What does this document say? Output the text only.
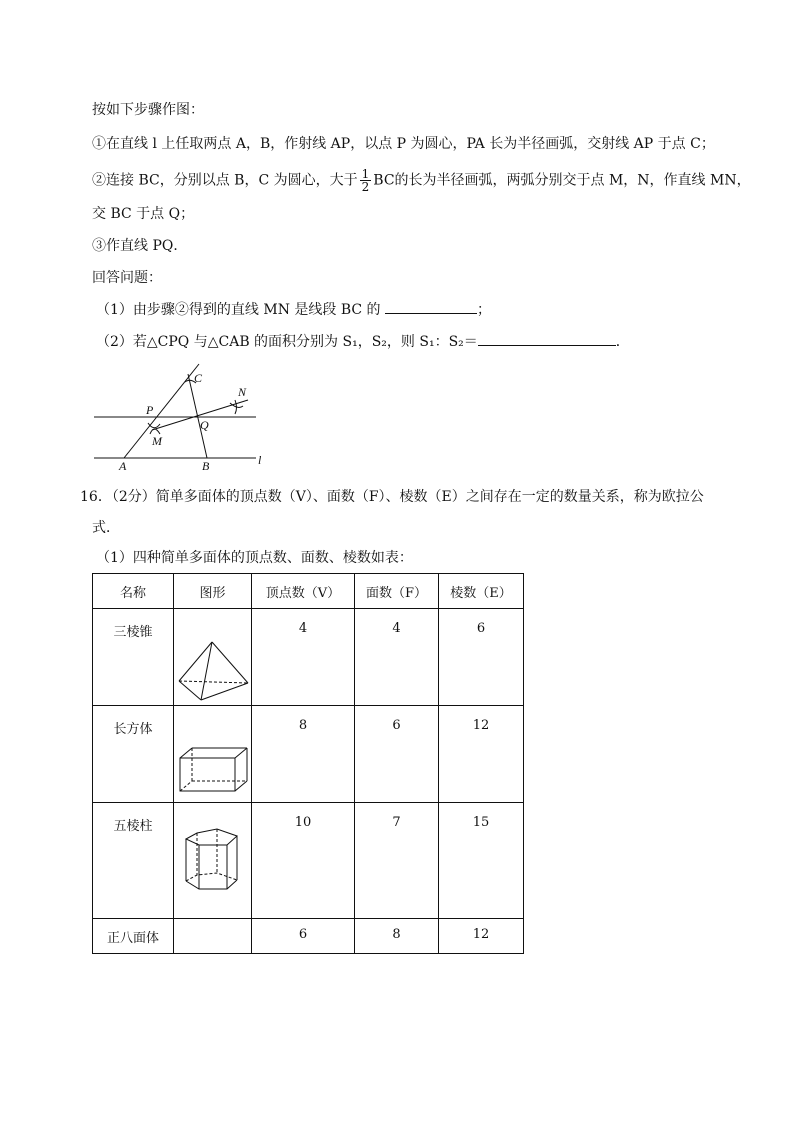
按如下步骤作图：
①在直线 l 上任取两点 A，B，作射线 AP，以点 P 为圆心，PA 长为半径画弧，交射线 AP 于点 C；
②连接 BC，分别以点 B，C 为圆心，大于 $\frac{1}{2}$ BC的长为半径画弧，两弧分别交于点 M，N，作直线 MN，
交 BC 于点 Q；
③作直线 PQ．
回答问题：
（1）由步骤②得到的直线 MN 是线段 BC 的	；
（2）若△CPQ 与△CAB 的面积分别为 S₁，S₂，则 S₁：S₂＝	．
C
N
P
Q
M
A	B	l
16．（2分）简单多面体的顶点数（V）、面数（F）、棱数（E）之间存在一定的数量关系，称为欧拉公
式．
（1）四种简单多面体的顶点数、面数、棱数如表：
名称	图形	顶点数（V）	面数（F）	棱数（E）
三棱锥		4	4	6
长方体		8	6	12
五棱柱		10	7	15
正八面体		6	8	12
